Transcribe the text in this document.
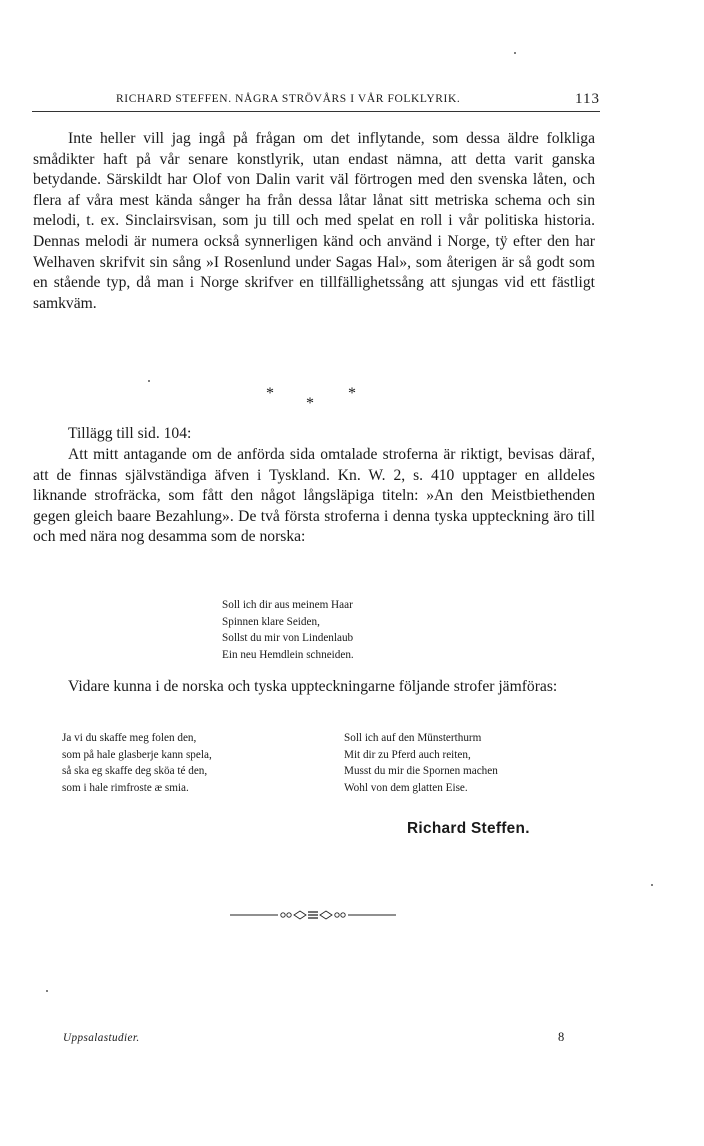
RICHARD STEFFEN. NÅGRA STRÖVÅRS I VÅR FOLKLYRIK.	113

Inte heller vill jag ingå på frågan om det inflytande, som dessa äldre folkliga smådikter haft på vår senare konstlyrik, utan endast nämna, att detta varit ganska betydande. Särskildt har Olof von Dalin varit väl förtrogen med den svenska låten, och flera af våra mest kända sånger ha från dessa låtar lånat sitt metriska schema och sin melodi, t. ex. Sinclairsvisan, som ju till och med spelat en roll i vår politiska historia. Dennas melodi är numera också synnerligen känd och använd i Norge, tÿ efter den har Welhaven skrifvit sin sång »I Rosenlund under Sagas Hal», som återigen är så godt som en stående typ, då man i Norge skrifver en tillfällighetssång att sjungas vid ett fästligt samkväm.

*
*
*
Tillägg till sid. 104:

Att mitt antagande om de anförda sida omtalade stroferna är riktigt, bevisas däraf, att de finnas självständiga äfven i Tyskland. Kn. W. 2, s. 410 upptager en alldeles liknande strofräcka, som fått den något långsläpiga titeln: »An den Meistbiethenden gegen gleich baare Bezahlung». De två första stroferna i denna tyska uppteckning äro till och med nära nog desamma som de norska:

Soll ich dir aus meinem Haar
Spinnen klare Seiden,
Sollst du mir von Lindenlaub
Ein neu Hemdlein schneiden.

Vidare kunna i de norska och tyska uppteckningarne följande strofer jämföras:

Ja vi du skaffe meg folen den,
som på hale glasberje kann spela,
så ska eg skaffe deg sköa té den,
som i hale rimfroste æ smia.
Soll ich auf den Münsterthurm
Mit dir zu Pferd auch reiten,
Musst du mir die Spornen machen
Wohl von dem glatten Eise.
Richard Steffen.
Uppsalastudier.	8
